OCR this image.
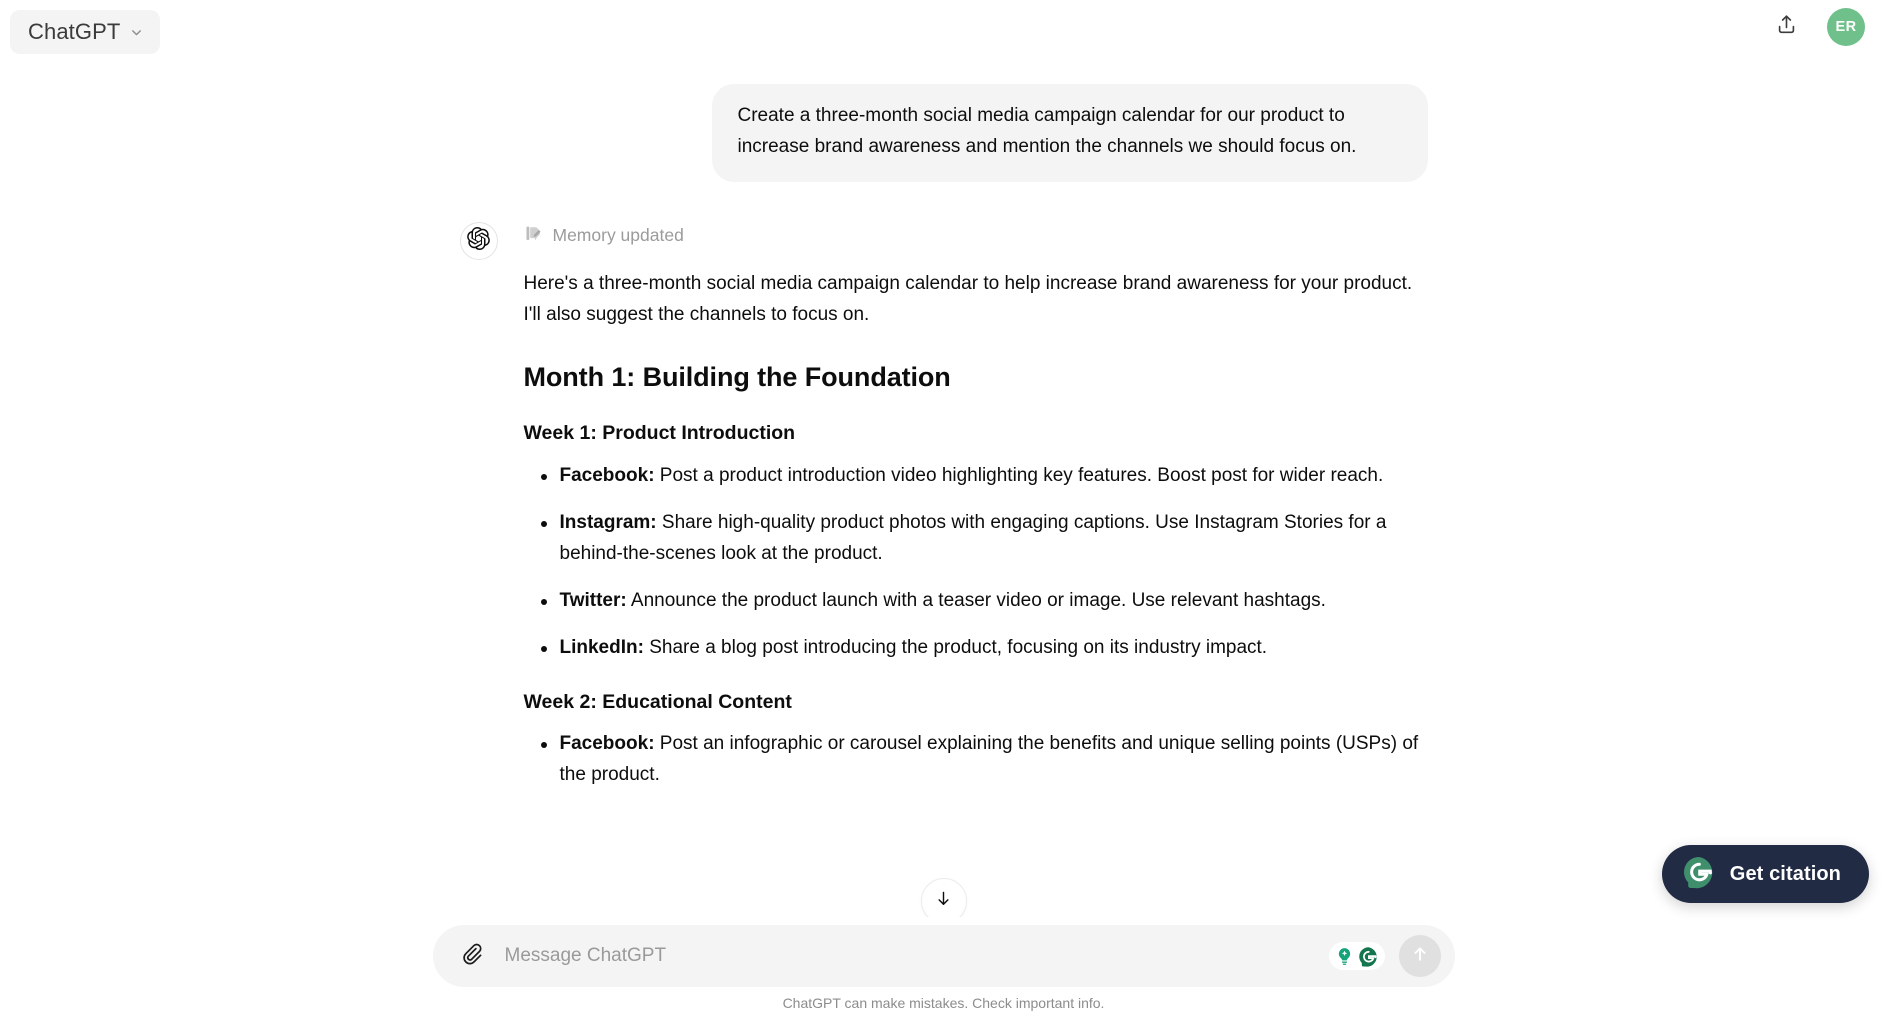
ChatGPT	ER
Create a three-month social media campaign calendar for our product to increase brand awareness and mention the channels we should focus on.
Memory updated

Here's a three-month social media campaign calendar to help increase brand awareness for your product. I'll also suggest the channels to focus on.

Month 1: Building the Foundation
Week 1: Product Introduction
Facebook: Post a product introduction video highlighting key features. Boost post for wider reach.
Instagram: Share high-quality product photos with engaging captions. Use Instagram Stories for a behind-the-scenes look at the product.
Twitter: Announce the product launch with a teaser video or image. Use relevant hashtags.
LinkedIn: Share a blog post introducing the product, focusing on its industry impact.
Week 2: Educational Content
Facebook: Post an infographic or carousel explaining the benefits and unique selling points (USPs) of the product.
Message ChatGPT
ChatGPT can make mistakes. Check important info.
Get citation
